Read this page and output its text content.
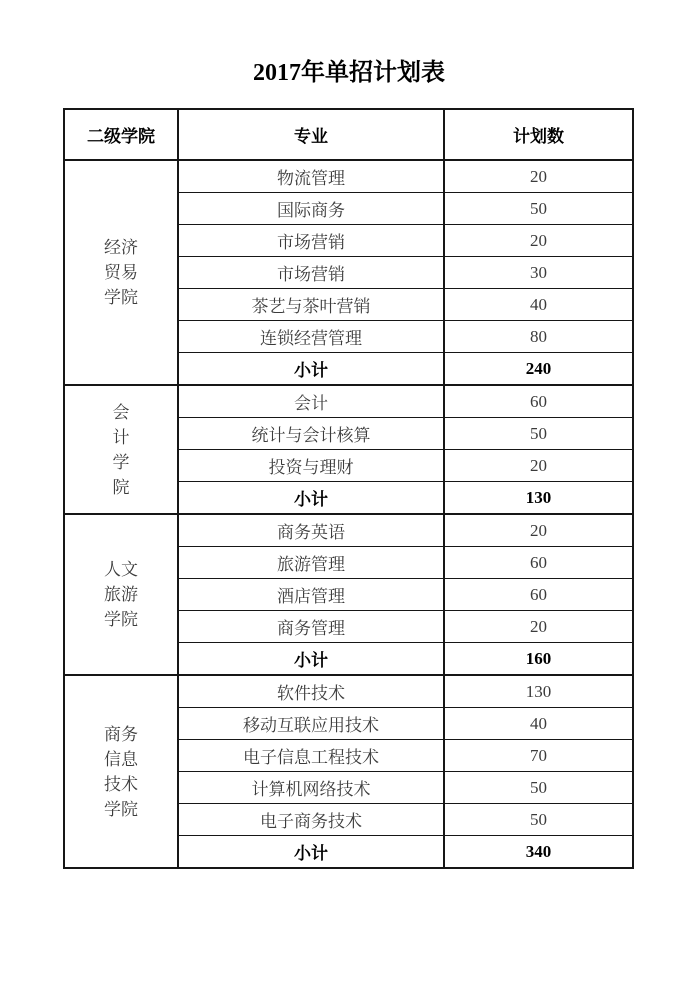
2017年单招计划表
二级学院	专业	计划数

经济
贸易
学院	物流管理	20
	国际商务	50
	市场营销	20
	市场营销	30
	茶艺与茶叶营销	40
	连锁经营管理	80
	小计	240

会
计
学
院	会计	60
	统计与会计核算	50
	投资与理财	20
	小计	130

人文
旅游
学院	商务英语	20
	旅游管理	60
	酒店管理	60
	商务管理	20
	小计	160

商务
信息
技术
学院	软件技术	130
	移动互联应用技术	40
	电子信息工程技术	70
	计算机网络技术	50
	电子商务技术	50
	小计	340
